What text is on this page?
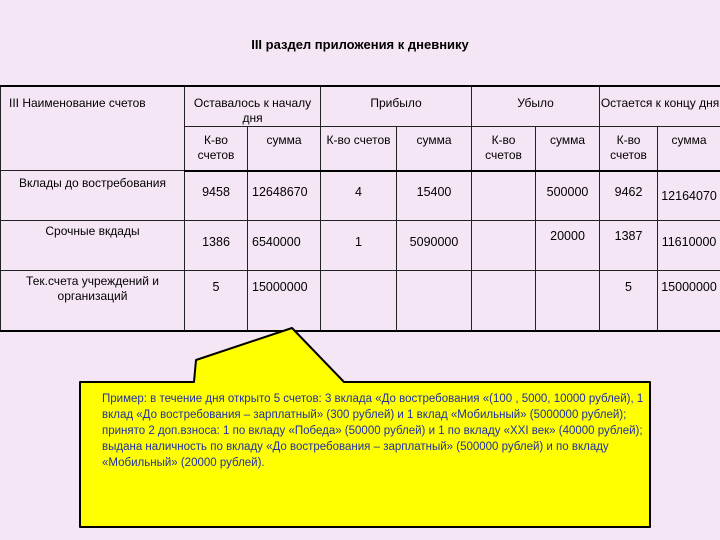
III раздел приложения к дневнику
III Наименование счетов	Оставалось к началу дня		Прибыло		Убыло		Остается к концу дня	
	К-во счетов	сумма	К-во счетов	сумма	К-во счетов	сумма	К-во счетов	сумма
Вклады до востребования	9458	12648670	4	15400		500000	9462	12164070
Срочные вкдады	1386	6540000	1	5090000		20000	1387	11610000
Тек.счета учреждений и организаций	5	15000000					5	15000000
Пример: в течение дня открыто 5 счетов: 3 вклада «До востребования «(100 , 5000, 10000 рублей), 1 вклад «До востребования – зарплатный» (300 рублей) и 1 вклад «Мобильный» (5000000 рублей); принято 2 доп.взноса: 1 по вкладу «Победа» (50000 рублей) и 1 по вкладу «XXI век» (40000 рублей); выдана наличность по вкладу «До востребования – зарплатный» (500000 рублей) и по вкладу «Мобильный» (20000 рублей).
